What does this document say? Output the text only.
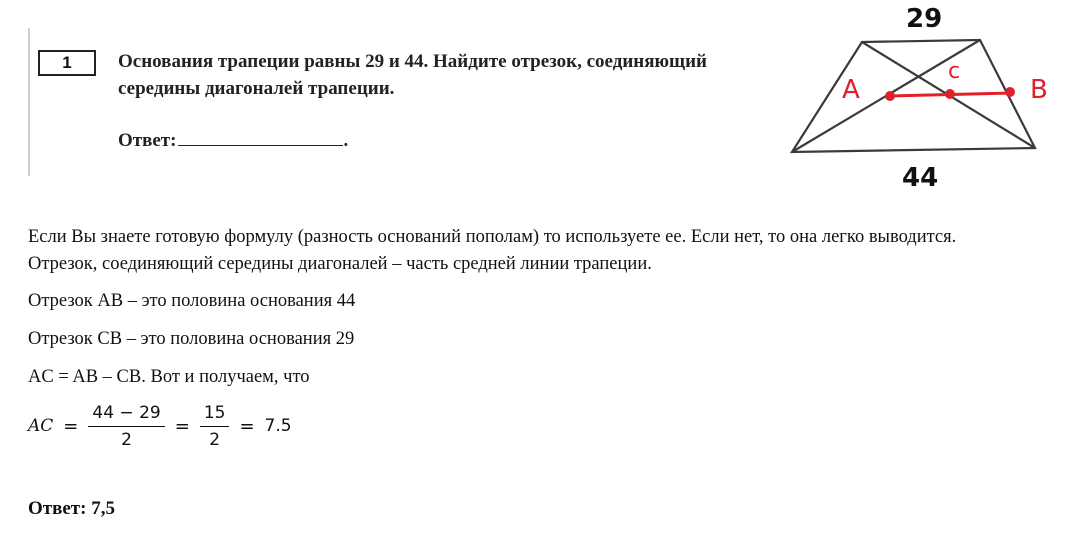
1	Основания трапеции равны 29 и 44. Найдите отрезок, соединяющий середины диагоналей трапеции.
Ответ:	.
29
44
A
c
B

Если Вы знаете готовую формулу (разность оснований пополам) то используете ее. Если нет, то она легко выводится. Отрезок, соединяющий середины диагоналей – часть средней линии трапеции.

Отрезок AB – это половина основания 44

Отрезок CB – это половина основания 29

AC = AB – CB. Вот и получаем, что

AC = $\frac{44 - 29}{2} = \frac{15}{2} = 7.5$
Ответ: 7,5
